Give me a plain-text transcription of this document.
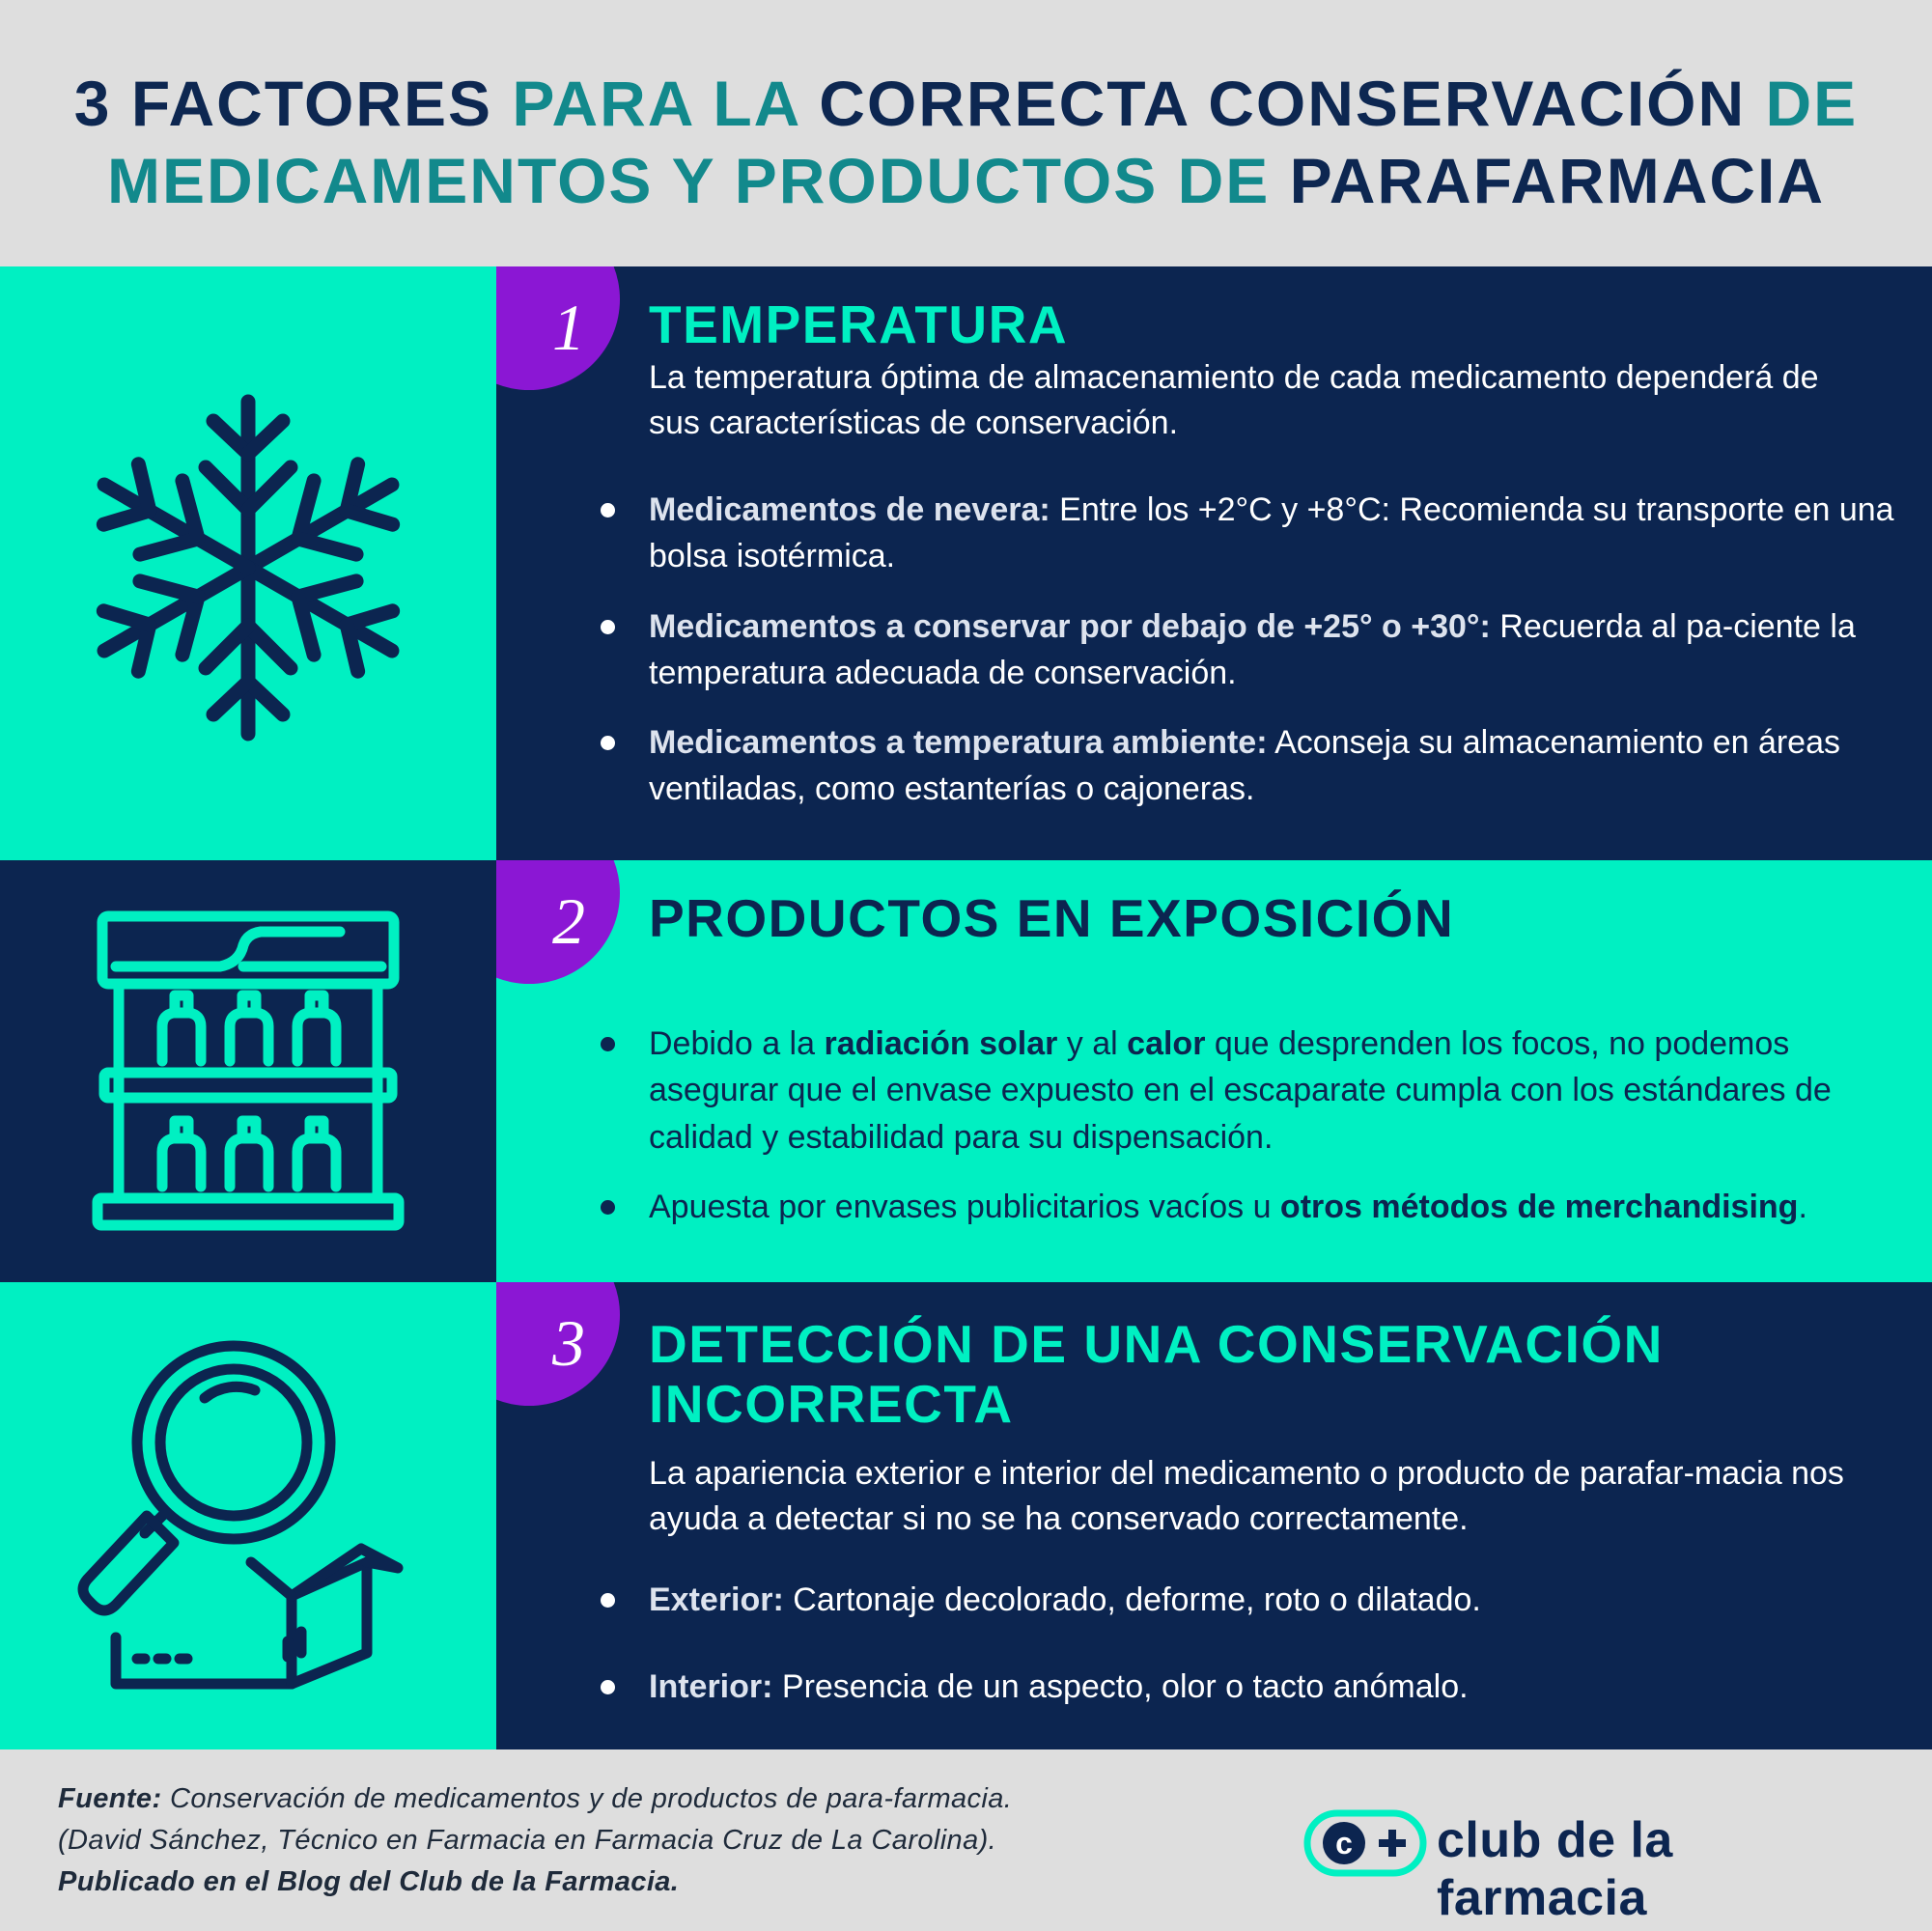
3 FACTORES PARA LA CORRECTA CONSERVACIÓN DE
MEDICAMENTOS Y PRODUCTOS DE PARAFARMACIA
1	TEMPERATURA

La temperatura óptima de almacenamiento de cada medicamento dependerá de sus características de conservación.

Medicamentos de nevera: Entre los +2°C y +8°C: Recomienda su transporte en una bolsa isotérmica.
Medicamentos a conservar por debajo de +25° o +30°: Recuerda al pa-ciente la temperatura adecuada de conservación.
Medicamentos a temperatura ambiente: Aconseja su almacenamiento en áreas ventiladas, como estanterías o cajoneras.
2	PRODUCTOS EN EXPOSICIÓN
Debido a la radiación solar y al calor que desprenden los focos, no podemos asegurar que el envase expuesto en el escaparate cumpla con los estándares de calidad y estabilidad para su dispensación.
Apuesta por envases publicitarios vacíos u otros métodos de merchandising.
3	DETECCIÓN DE UNA CONSERVACIÓN
INCORRECTA

La apariencia exterior e interior del medicamento o producto de parafar-macia nos ayuda a detectar si no se ha conservado correctamente.

Exterior: Cartonaje decolorado, deforme, roto o dilatado.
Interior: Presencia de un aspecto, olor o tacto anómalo.

Fuente: Conservación de medicamentos y de productos de para-farmacia. (David Sánchez, Técnico en Farmacia en Farmacia Cruz de La Carolina). Publicado en el Blog del Club de la Farmacia.

c club de la farmacia
